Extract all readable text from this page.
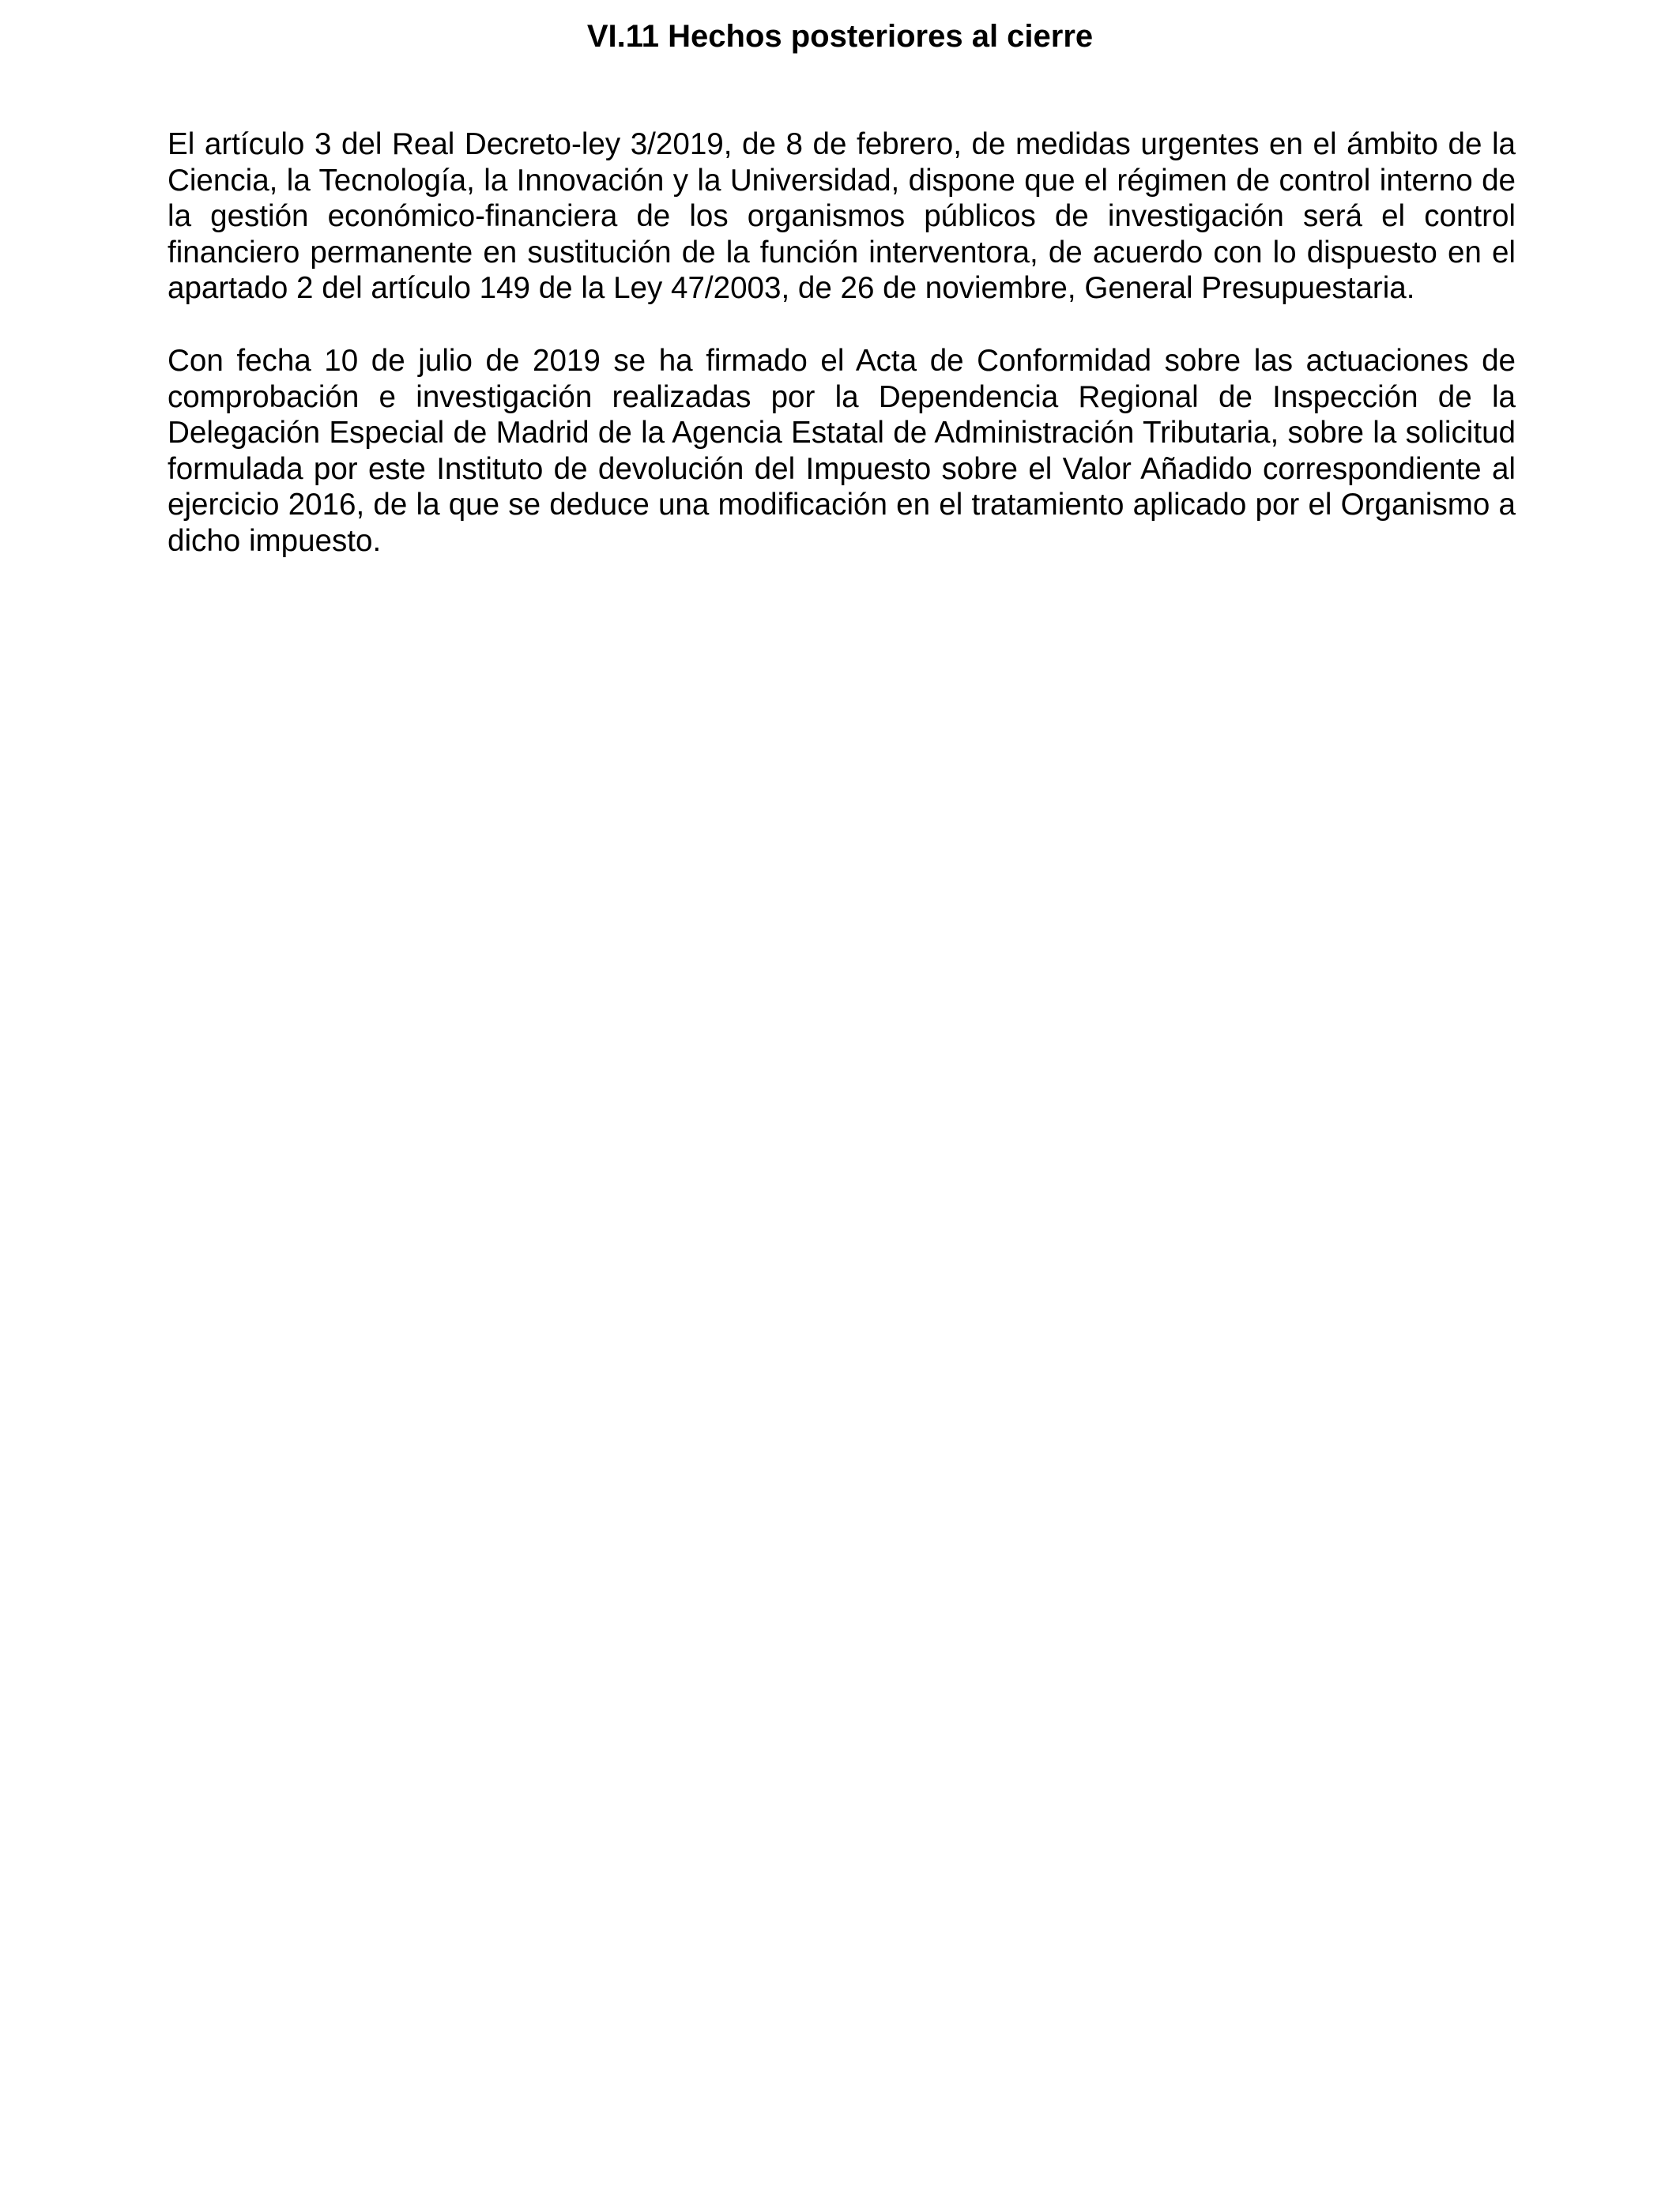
VI.11 Hechos posteriores al cierre

El artículo 3 del Real Decreto-ley 3/2019, de 8 de febrero, de medidas urgentes en el ámbito de la Ciencia, la Tecnología, la Innovación y la Universidad, dispone que el régimen de control interno de la gestión económico-financiera de los organismos públicos de investigación será el control financiero permanente en sustitución de la función interventora, de acuerdo con lo dispuesto en el apartado 2 del artículo 149 de la Ley 47/2003, de 26 de noviembre, General Presupuestaria.

Con fecha 10 de julio de 2019 se ha firmado el Acta de Conformidad sobre las actuaciones de comprobación e investigación realizadas por la Dependencia Regional de Inspección de la Delegación Especial de Madrid de la Agencia Estatal de Administración Tributaria, sobre la solicitud formulada por este Instituto de devolución del Impuesto sobre el Valor Añadido correspondiente al ejercicio 2016, de la que se deduce una modificación en el tratamiento aplicado por el Organismo a dicho impuesto.
